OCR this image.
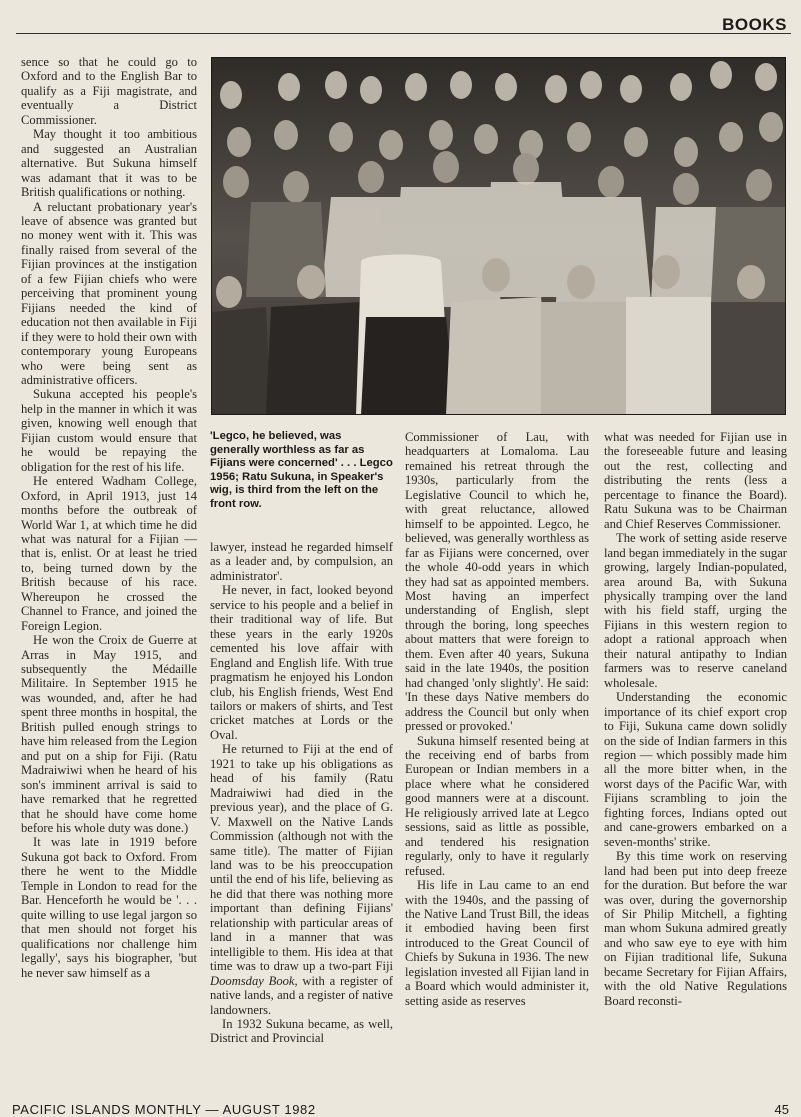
BOOKS

sence so that he could go to Oxford and to the English Bar to qualify as a Fiji magistrate, and eventually a District Commissioner.

May thought it too ambitious and suggested an Australian alternative. But Sukuna himself was adamant that it was to be British qualifications or nothing.

A reluctant probationary year's leave of absence was granted but no money went with it. This was finally raised from several of the Fijian provinces at the instigation of a few Fijian chiefs who were perceiving that prominent young Fijians needed the kind of education not then available in Fiji if they were to hold their own with contemporary young Europeans who were being sent as administrative officers.

Sukuna accepted his people's help in the manner in which it was given, knowing well enough that Fijian custom would ensure that he would be repaying the obligation for the rest of his life.

He entered Wadham College, Oxford, in April 1913, just 14 months before the outbreak of World War 1, at which time he did what was natural for a Fijian — that is, enlist. Or at least he tried to, being turned down by the British because of his race. Whereupon he crossed the Channel to France, and joined the Foreign Legion.

He won the Croix de Guerre at Arras in May 1915, and subsequently the Médaille Militaire. In September 1915 he was wounded, and, after he had spent three months in hospital, the British pulled enough strings to have him released from the Legion and put on a ship for Fiji. (Ratu Madraiwiwi when he heard of his son's imminent arrival is said to have remarked that he regretted that he should have come home before his whole duty was done.)

It was late in 1919 before Sukuna got back to Oxford. From there he went to the Middle Temple in London to read for the Bar. Henceforth he would be '. . . quite willing to use legal jargon so that men should not forget his qualifications nor challenge him legally', says his biographer, 'but he never saw himself as a

'Legco, he believed, was generally worthless as far as Fijians were concerned' . . . Legco 1956; Ratu Sukuna, in Speaker's wig, is third from the left on the front row.

lawyer, instead he regarded himself as a leader and, by compulsion, an administrator'.

He never, in fact, looked beyond service to his people and a belief in their traditional way of life. But these years in the early 1920s cemented his love affair with England and English life. With true pragmatism he enjoyed his London club, his English friends, West End tailors or makers of shirts, and Test cricket matches at Lords or the Oval.

He returned to Fiji at the end of 1921 to take up his obligations as head of his family (Ratu Madraiwiwi had died in the previous year), and the place of G. V. Maxwell on the Native Lands Commission (although not with the same title). The matter of Fijian land was to be his preoccupation until the end of his life, believing as he did that there was nothing more important than defining Fijians' relationship with particular areas of land in a manner that was intelligible to them. His idea at that time was to draw up a two-part Fiji Doomsday Book, with a register of native lands, and a register of native landowners.

In 1932 Sukuna became, as well, District and Provincial

Commissioner of Lau, with headquarters at Lomaloma. Lau remained his retreat through the 1930s, particularly from the Legislative Council to which he, with great reluctance, allowed himself to be appointed. Legco, he believed, was generally worthless as far as Fijians were concerned, over the whole 40-odd years in which they had sat as appointed members. Most having an imperfect understanding of English, slept through the boring, long speeches about matters that were foreign to them. Even after 40 years, Sukuna said in the late 1940s, the position had changed 'only slightly'. He said: 'In these days Native members do address the Council but only when pressed or provoked.'

Sukuna himself resented being at the receiving end of barbs from European or Indian members in a place where what he considered good manners were at a discount. He religiously arrived late at Legco sessions, said as little as possible, and tendered his resignation regularly, only to have it regularly refused.

His life in Lau came to an end with the 1940s, and the passing of the Native Land Trust Bill, the ideas it embodied having been first introduced to the Great Council of Chiefs by Sukuna in 1936. The new legislation invested all Fijian land in a Board which would administer it, setting aside as reserves

what was needed for Fijian use in the foreseeable future and leasing out the rest, collecting and distributing the rents (less a percentage to finance the Board). Ratu Sukuna was to be Chairman and Chief Reserves Commissioner.

The work of setting aside reserve land began immediately in the sugar growing, largely Indian-populated, area around Ba, with Sukuna physically tramping over the land with his field staff, urging the Fijians in this western region to adopt a rational approach when their natural antipathy to Indian farmers was to reserve caneland wholesale.

Understanding the economic importance of its chief export crop to Fiji, Sukuna came down solidly on the side of Indian farmers in this region — which possibly made him all the more bitter when, in the worst days of the Pacific War, with Fijians scrambling to join the fighting forces, Indians opted out and cane-growers embarked on a seven-months' strike.

By this time work on reserving land had been put into deep freeze for the duration. But before the war was over, during the governorship of Sir Philip Mitchell, a fighting man whom Sukuna admired greatly and who saw eye to eye with him on Fijian traditional life, Sukuna became Secretary for Fijian Affairs, with the old Native Regulations Board reconsti-

PACIFIC ISLANDS MONTHLY — AUGUST 1982	45
